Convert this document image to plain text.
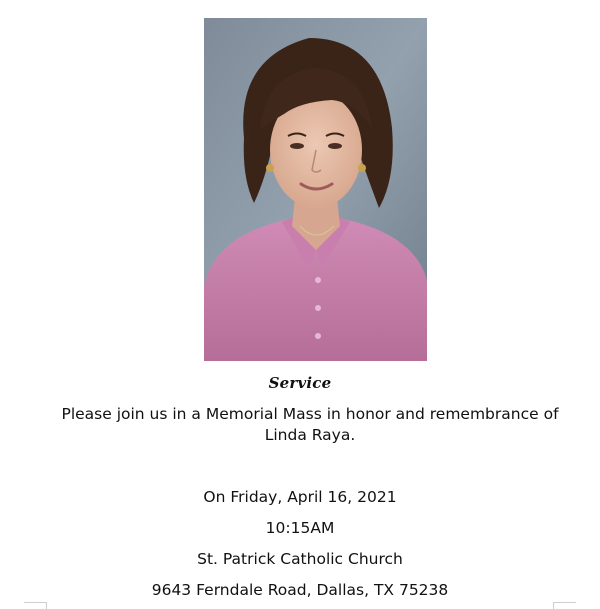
Service
Please join us in a Memorial Mass in honor and remembrance of Linda Raya.
On Friday, April 16, 2021
10:15AM
St. Patrick Catholic Church
9643 Ferndale Road, Dallas, TX 75238
